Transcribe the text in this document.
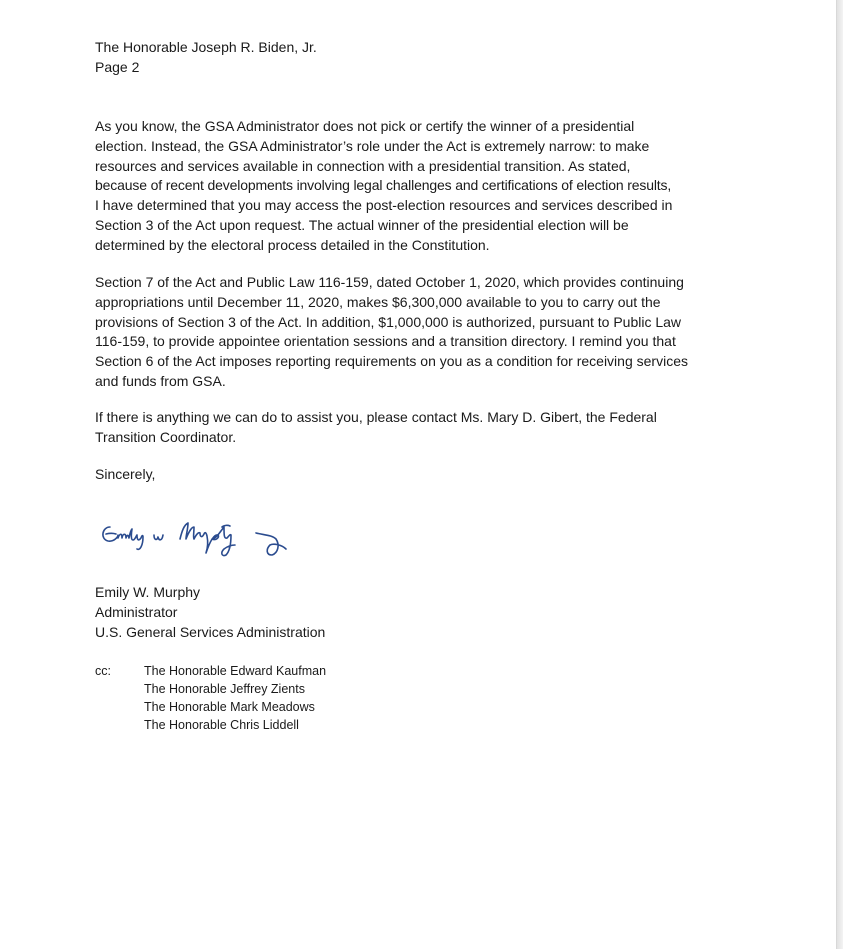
The Honorable Joseph R. Biden, Jr.
Page 2

As you know, the GSA Administrator does not pick or certify the winner of a presidential
election. Instead, the GSA Administrator’s role under the Act is extremely narrow: to make
resources and services available in connection with a presidential transition. As stated,
because of recent developments involving legal challenges and certifications of election results,
I have determined that you may access the post-election resources and services described in
Section 3 of the Act upon request. The actual winner of the presidential election will be
determined by the electoral process detailed in the Constitution.

Section 7 of the Act and Public Law 116-159, dated October 1, 2020, which provides continuing
appropriations until December 11, 2020, makes $6,300,000 available to you to carry out the
provisions of Section 3 of the Act. In addition, $1,000,000 is authorized, pursuant to Public Law
116-159, to provide appointee orientation sessions and a transition directory. I remind you that
Section 6 of the Act imposes reporting requirements on you as a condition for receiving services
and funds from GSA.

If there is anything we can do to assist you, please contact Ms. Mary D. Gibert, the Federal
Transition Coordinator.

Sincerely,

Emily W. Murphy
Administrator
U.S. General Services Administration
cc:	The Honorable Edward Kaufman
The Honorable Jeffrey Zients
The Honorable Mark Meadows
The Honorable Chris Liddell
